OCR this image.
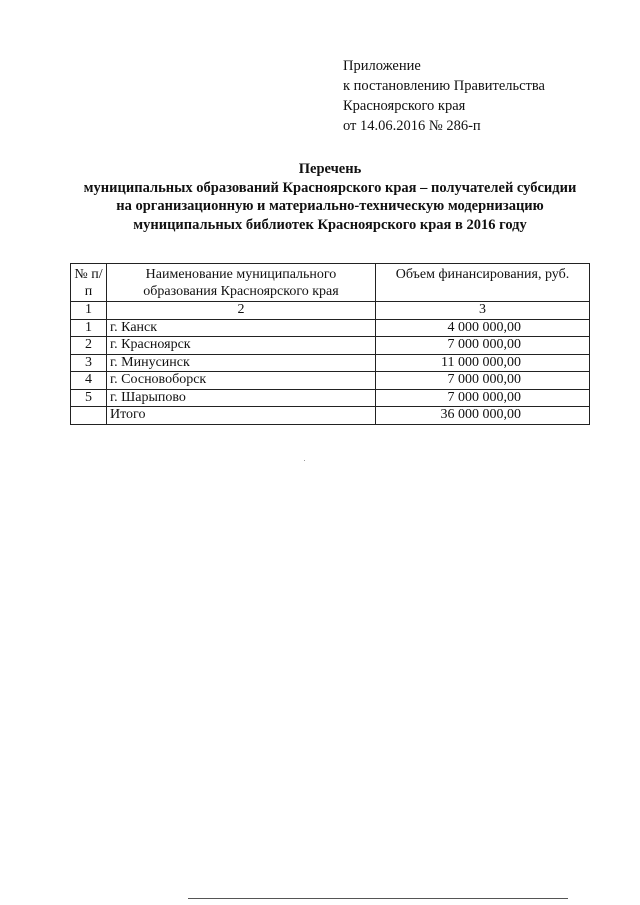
Приложение
к постановлению Правительства
Красноярского края
от 14.06.2016 № 286-п
Перечень
муниципальных образований Красноярского края – получателей субсидии
на организационную и материально-техническую модернизацию
муниципальных библиотек Красноярского края в 2016 году
№ п/п	Наименование муниципального образования Красноярского края	Объем финансирования, руб.
1	2	3
1	г. Канск	4 000 000,00
2	г. Красноярск	7 000 000,00
3	г. Минусинск	11 000 000,00
4	г. Сосновоборск	7 000 000,00
5	г. Шарыпово	7 000 000,00
	Итого	36 000 000,00
